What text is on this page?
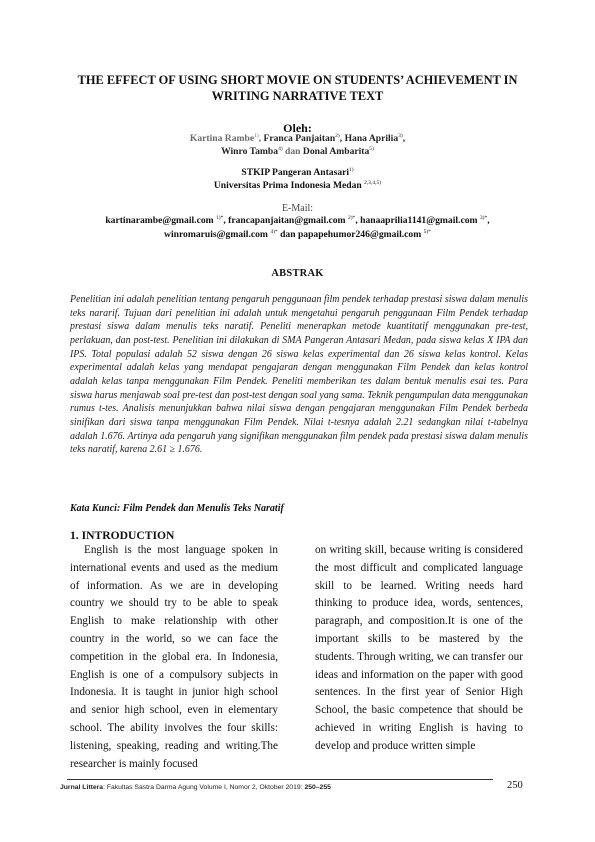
THE EFFECT OF USING SHORT MOVIE ON STUDENTS’ ACHIEVEMENT IN WRITING NARRATIVE TEXT
Oleh:
Kartina Rambe$^{1)}$, Franca Panjaitan$^{2)}$, Hana Aprilia$^{3)}$,
Winro Tamba$^{4)}$ dan Donal Ambarita$^{5)}$
STKIP Pangeran Antasari$^{1)}$
Universitas Prima Indonesia Medan $^{2,3,4,5)}$
E-Mail:
kartinarambe@gmail.com $^{1)*}$, francapanjaitan@gmail.com $^{2)*}$, hanaaprilia1141@gmail.com $^{3)*}$,
winromaruis@gmail.com $^{4)*}$ dan papapehumor246@gmail.com $^{5)*}$
ABSTRAK

Penelitian ini adalah penelitian tentang pengaruh penggunaan film pendek terhadap prestasi siswa dalam menulis teks nararif. Tujuan dari penelitian ini adalah untuk mengetahui pengaruh penggunaan Film Pendek terhadap prestasi siswa dalam menulis teks naratif. Peneliti menerapkan metode kuantitatif menggunakan pre-test, perlakuan, dan post-test. Penelitian ini dilakukan di SMA Pangeran Antasari Medan, pada siswa kelas X IPA dan IPS. Total populasi adalah 52 siswa dengan 26 siswa kelas experimental dan 26 siswa kelas kontrol. Kelas experimental adalah kelas yang mendapat pengajaran dengan menggunakan Film Pendek dan kelas kontrol adalah kelas tanpa menggunakan Film Pendek. Peneliti memberikan tes dalam bentuk menulis esai tes. Para siswa harus menjawab soal pre-test dan post-test dengan soal yang sama. Teknik pengumpulan data menggunakan rumus t-tes. Analisis menunjukkan bahwa nilai siswa dengan pengajaran menggunakan Film Pendek berbeda sinifikan dari siswa tanpa menggunakan Film Pendek. Nilai t-tesnya adalah 2.21 sedangkan nilai t-tabelnya adalah 1.676. Artinya ada pengaruh yang signifikan menggunakan film pendek pada prestasi siswa dalam menulis teks naratif, karena 2.61 ≥ 1.676.

Kata Kunci: Film Pendek dan Menulis Teks Naratif
1. INTRODUCTION

English is the most language spoken in international events and used as the medium of information. As we are in developing country we should try to be able to speak English to make relationship with other country in the world, so we can face the competition in the global era. In Indonesia, English is one of a compulsory subjects in Indonesia. It is taught in junior high school and senior high school, even in elementary school. The ability involves the four skills: listening, speaking, reading and writing.The researcher is mainly focused

on writing skill, because writing is considered the most difficult and complicated language skill to be learned. Writing needs hard thinking to produce idea, words, sentences, paragraph, and composition.It is one of the important skills to be mastered by the students. Through writing, we can transfer our ideas and information on the paper with good sentences. In the first year of Senior High School, the basic competence that should be achieved in writing English is having to develop and produce written simple

Jurnal Littera: Fakultas Sastra Darma Agung Volume I, Nomor 2, Oktober 2019: 250–255	250
